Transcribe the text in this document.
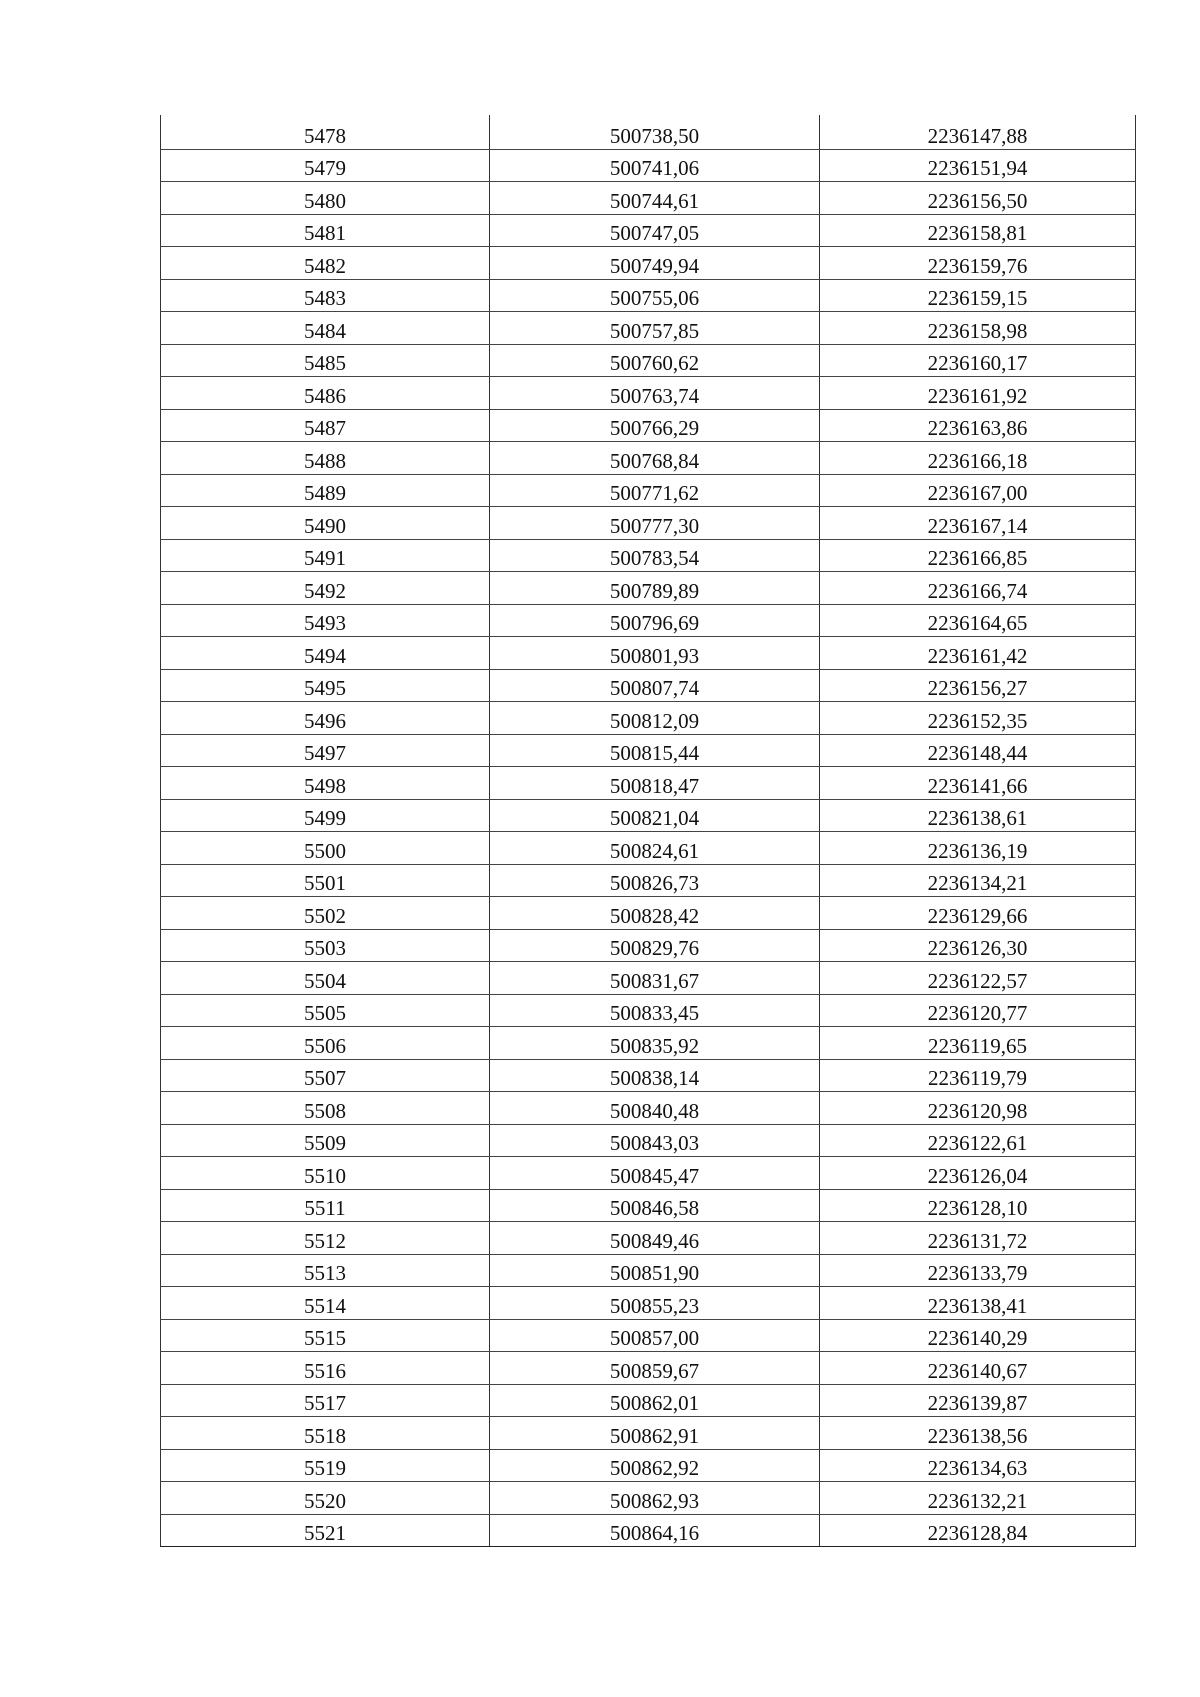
5478	500738,50	2236147,88
5479	500741,06	2236151,94
5480	500744,61	2236156,50
5481	500747,05	2236158,81
5482	500749,94	2236159,76
5483	500755,06	2236159,15
5484	500757,85	2236158,98
5485	500760,62	2236160,17
5486	500763,74	2236161,92
5487	500766,29	2236163,86
5488	500768,84	2236166,18
5489	500771,62	2236167,00
5490	500777,30	2236167,14
5491	500783,54	2236166,85
5492	500789,89	2236166,74
5493	500796,69	2236164,65
5494	500801,93	2236161,42
5495	500807,74	2236156,27
5496	500812,09	2236152,35
5497	500815,44	2236148,44
5498	500818,47	2236141,66
5499	500821,04	2236138,61
5500	500824,61	2236136,19
5501	500826,73	2236134,21
5502	500828,42	2236129,66
5503	500829,76	2236126,30
5504	500831,67	2236122,57
5505	500833,45	2236120,77
5506	500835,92	2236119,65
5507	500838,14	2236119,79
5508	500840,48	2236120,98
5509	500843,03	2236122,61
5510	500845,47	2236126,04
5511	500846,58	2236128,10
5512	500849,46	2236131,72
5513	500851,90	2236133,79
5514	500855,23	2236138,41
5515	500857,00	2236140,29
5516	500859,67	2236140,67
5517	500862,01	2236139,87
5518	500862,91	2236138,56
5519	500862,92	2236134,63
5520	500862,93	2236132,21
5521	500864,16	2236128,84
